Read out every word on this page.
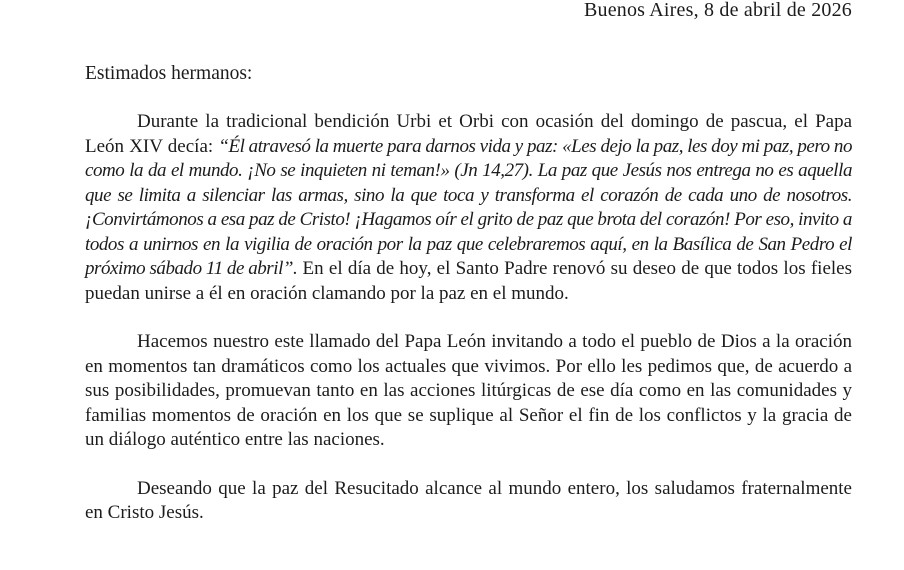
Buenos Aires, 8 de abril de 2026
Estimados hermanos:

Durante la tradicional bendición Urbi et Orbi con ocasión del domingo de pascua, el Papa León XIV decía: “Él atravesó la muerte para darnos vida y paz: «Les dejo la paz, les doy mi paz, pero no como la da el mundo. ¡No se inquieten ni teman!» (Jn 14,27). La paz que Jesús nos entrega no es aquella que se limita a silenciar las armas, sino la que toca y transforma el corazón de cada uno de nosotros. ¡Convirtámonos a esa paz de Cristo! ¡Hagamos oír el grito de paz que brota del corazón! Por eso, invito a todos a unirnos en la vigilia de oración por la paz que celebraremos aquí, en la Basílica de San Pedro el próximo sábado 11 de abril”. En el día de hoy, el Santo Padre renovó su deseo de que todos los fieles puedan unirse a él en oración clamando por la paz en el mundo.

Hacemos nuestro este llamado del Papa León invitando a todo el pueblo de Dios a la oración en momentos tan dramáticos como los actuales que vivimos. Por ello les pedimos que, de acuerdo a sus posibilidades, promuevan tanto en las acciones litúrgicas de ese día como en las comunidades y familias momentos de oración en los que se suplique al Señor el fin de los conflictos y la gracia de un diálogo auténtico entre las naciones.

Deseando que la paz del Resucitado alcance al mundo entero, los saludamos fraternalmente en Cristo Jesús.
